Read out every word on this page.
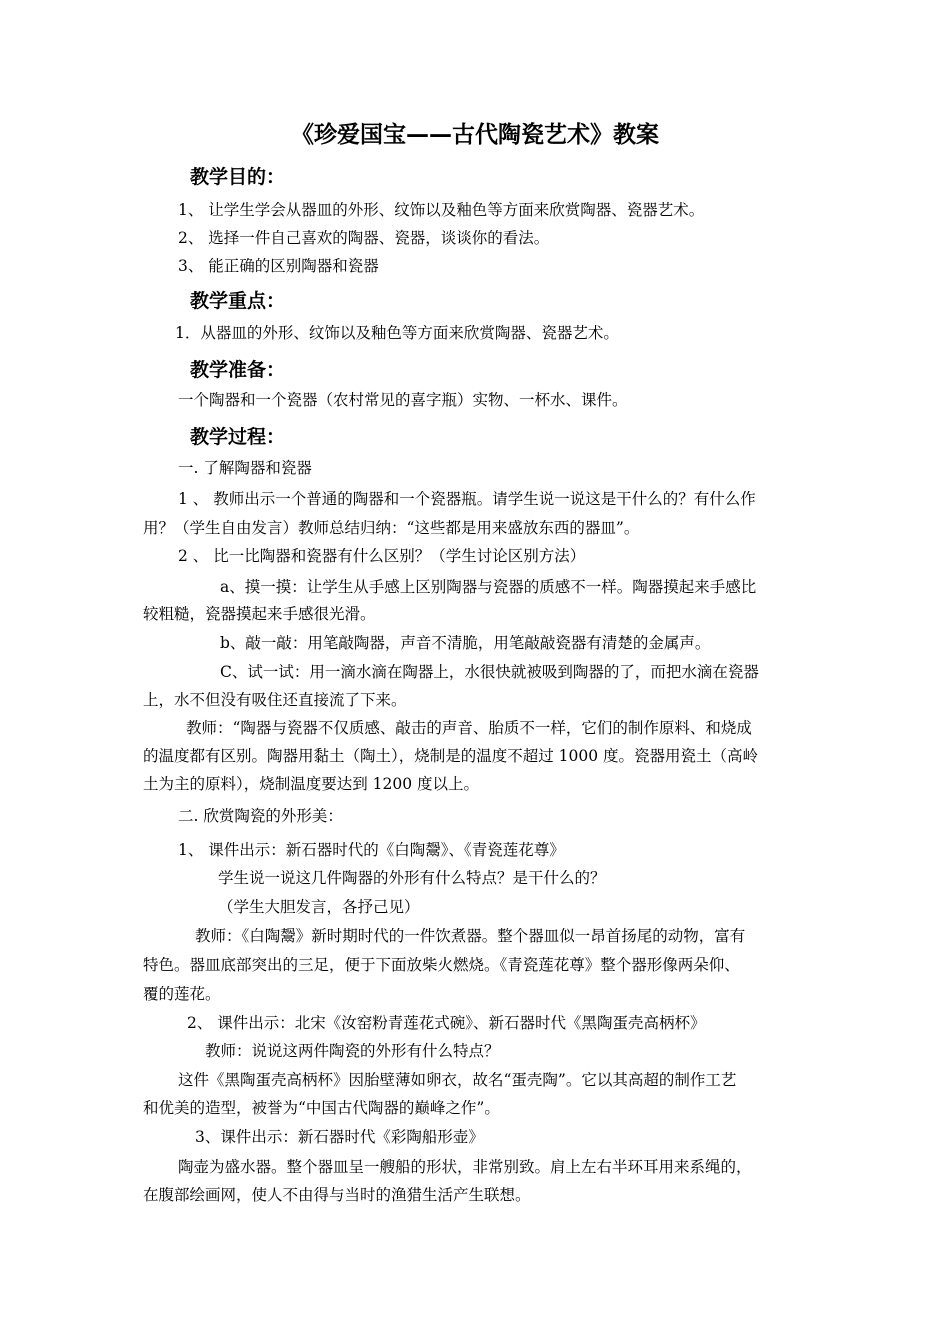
《珍爱国宝——古代陶瓷艺术》教案
教学目的：
1、 让学生学会从器皿的外形、纹饰以及釉色等方面来欣赏陶器、瓷器艺术。
2、 选择一件自己喜欢的陶器、瓷器，谈谈你的看法。
3、 能正确的区别陶器和瓷器
教学重点：
1．从器皿的外形、纹饰以及釉色等方面来欣赏陶器、瓷器艺术。
教学准备：
一个陶器和一个瓷器（农村常见的喜字瓶）实物、一杯水、课件。
教学过程：
一. 了解陶器和瓷器
1 、 教师出示一个普通的陶器和一个瓷器瓶。请学生说一说这是干什么的？有什么作
用？（学生自由发言）教师总结归纳：“这些都是用来盛放东西的器皿”。
2 、 比一比陶器和瓷器有什么区别？（学生讨论区别方法）
a、摸一摸：让学生从手感上区别陶器与瓷器的质感不一样。陶器摸起来手感比
较粗糙，瓷器摸起来手感很光滑。
b、敲一敲：用笔敲陶器，声音不清脆，用笔敲敲瓷器有清楚的金属声。
C、试一试：用一滴水滴在陶器上，水很快就被吸到陶器的了，而把水滴在瓷器
上，水不但没有吸住还直接流了下来。
教师：“陶器与瓷器不仅质感、敲击的声音、胎质不一样，它们的制作原料、和烧成
的温度都有区别。陶器用黏土（陶土），烧制是的温度不超过 1000 度。瓷器用瓷土（高岭
土为主的原料），烧制温度要达到 1200 度以上。
二. 欣赏陶瓷的外形美：
1、 课件出示：新石器时代的《白陶鬶》、《青瓷莲花尊》
学生说一说这几件陶器的外形有什么特点？是干什么的？
（学生大胆发言，各抒己见）
教师：《白陶鬶》新时期时代的一件饮煮器。整个器皿似一昂首扬尾的动物，富有
特色。器皿底部突出的三足，便于下面放柴火燃烧。《青瓷莲花尊》整个器形像两朵仰、
覆的莲花。
2、 课件出示：北宋《汝窑粉青莲花式碗》、新石器时代《黑陶蛋壳高柄杯》
教师：说说这两件陶瓷的外形有什么特点？
这件《黑陶蛋壳高柄杯》因胎壁薄如卵衣，故名“蛋壳陶”。它以其高超的制作工艺
和优美的造型，被誉为“中国古代陶器的巅峰之作”。
3、课件出示：新石器时代《彩陶船形壶》
陶壶为盛水器。整个器皿呈一艘船的形状，非常别致。肩上左右半环耳用来系绳的，
在腹部绘画网，使人不由得与当时的渔猎生活产生联想。
